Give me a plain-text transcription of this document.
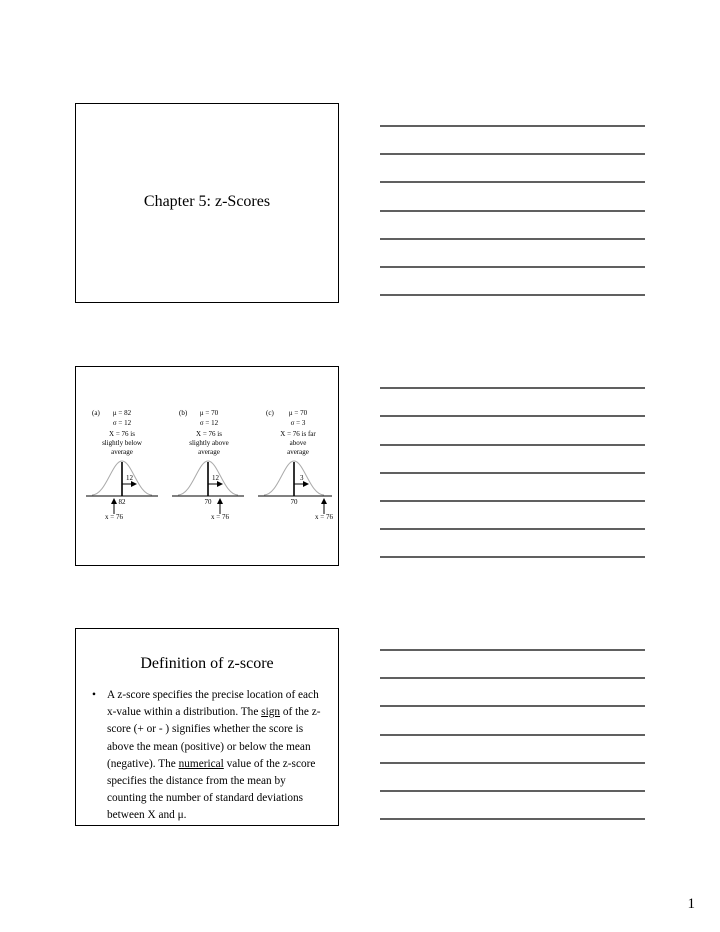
Chapter 5: z-Scores
(a) μ = 82
σ = 12
X = 76 is
slightly below
average
12
82
x = 76
(b) μ = 70
σ = 12
X = 76 is
slightly above
average
12
70
x = 76
(c) μ = 70
σ = 3
X = 76 is far
above
average
3
70
x = 76
Definition of z-score
• A z-score specifies the precise location of each x-value within a distribution. The sign of the z-score (+ or - ) signifies whether the score is above the mean (positive) or below the mean (negative). The numerical value of the z-score specifies the distance from the mean by counting the number of standard deviations between X and μ.
1
